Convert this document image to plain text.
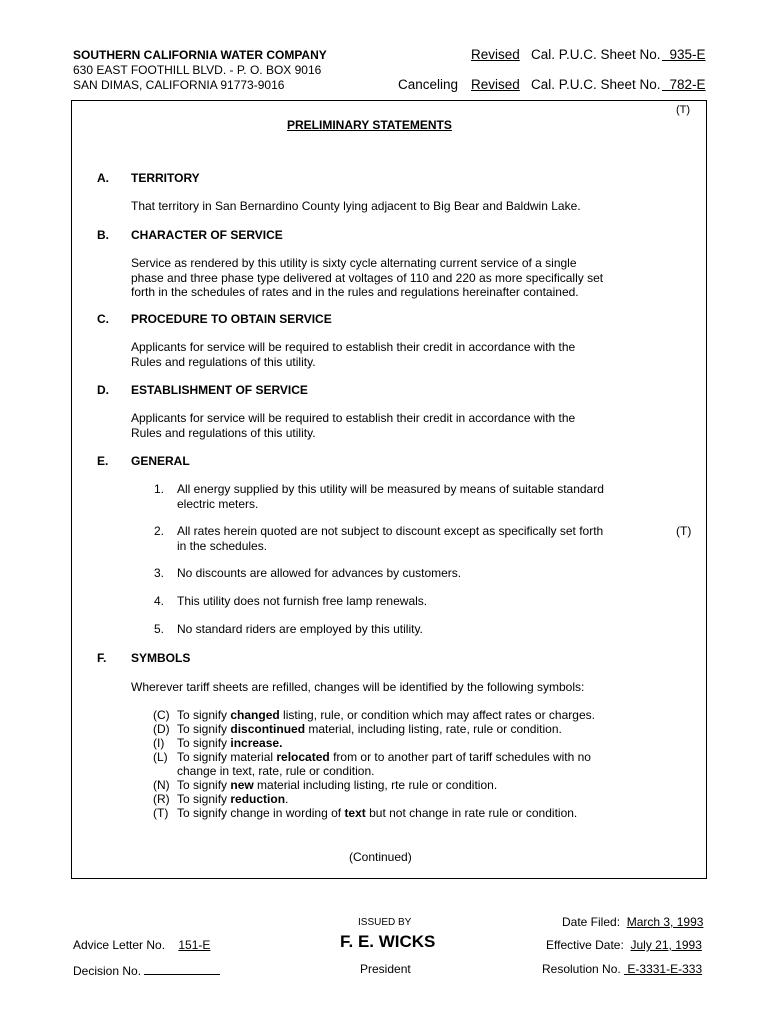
SOUTHERN CALIFORNIA WATER COMPANY
630 EAST FOOTHILL BLVD. - P. O. BOX 9016
SAN DIMAS, CALIFORNIA 91773-9016
Revised Cal. P.U.C. Sheet No. 935-E
Canceling Revised Cal. P.U.C. Sheet No. 782-E
(T)
PRELIMINARY STATEMENTS
A. TERRITORY
That territory in San Bernardino County lying adjacent to Big Bear and Baldwin Lake.
B. CHARACTER OF SERVICE
Service as rendered by this utility is sixty cycle alternating current service of a single phase and three phase type delivered at voltages of 110 and 220 as more specifically set forth in the schedules of rates and in the rules and regulations hereinafter contained.
C. PROCEDURE TO OBTAIN SERVICE
Applicants for service will be required to establish their credit in accordance with the Rules and regulations of this utility.
D. ESTABLISHMENT OF SERVICE
Applicants for service will be required to establish their credit in accordance with the Rules and regulations of this utility.
E. GENERAL
1. All energy supplied by this utility will be measured by means of suitable standard electric meters.
2. All rates herein quoted are not subject to discount except as specifically set forth in the schedules.
(T)
3. No discounts are allowed for advances by customers.
4. This utility does not furnish free lamp renewals.
5. No standard riders are employed by this utility.
F. SYMBOLS
Wherever tariff sheets are refilled, changes will be identified by the following symbols:
(C) To signify changed listing, rule, or condition which may affect rates or charges.
(D) To signify discontinued material, including listing, rate, rule or condition.
(I) To signify increase.
(L) To signify material relocated from or to another part of tariff schedules with no
change in text, rate, rule or condition.
(N) To signify new material including listing, rte rule or condition.
(R) To signify reduction.
(T) To signify change in wording of text but not change in rate rule or condition.
(Continued)
ISSUED BY
F. E. WICKS
President
Advice Letter No. 151-E
Decision No.
Date Filed: March 3, 1993
Effective Date: July 21, 1993
Resolution No. E-3331-E-333
